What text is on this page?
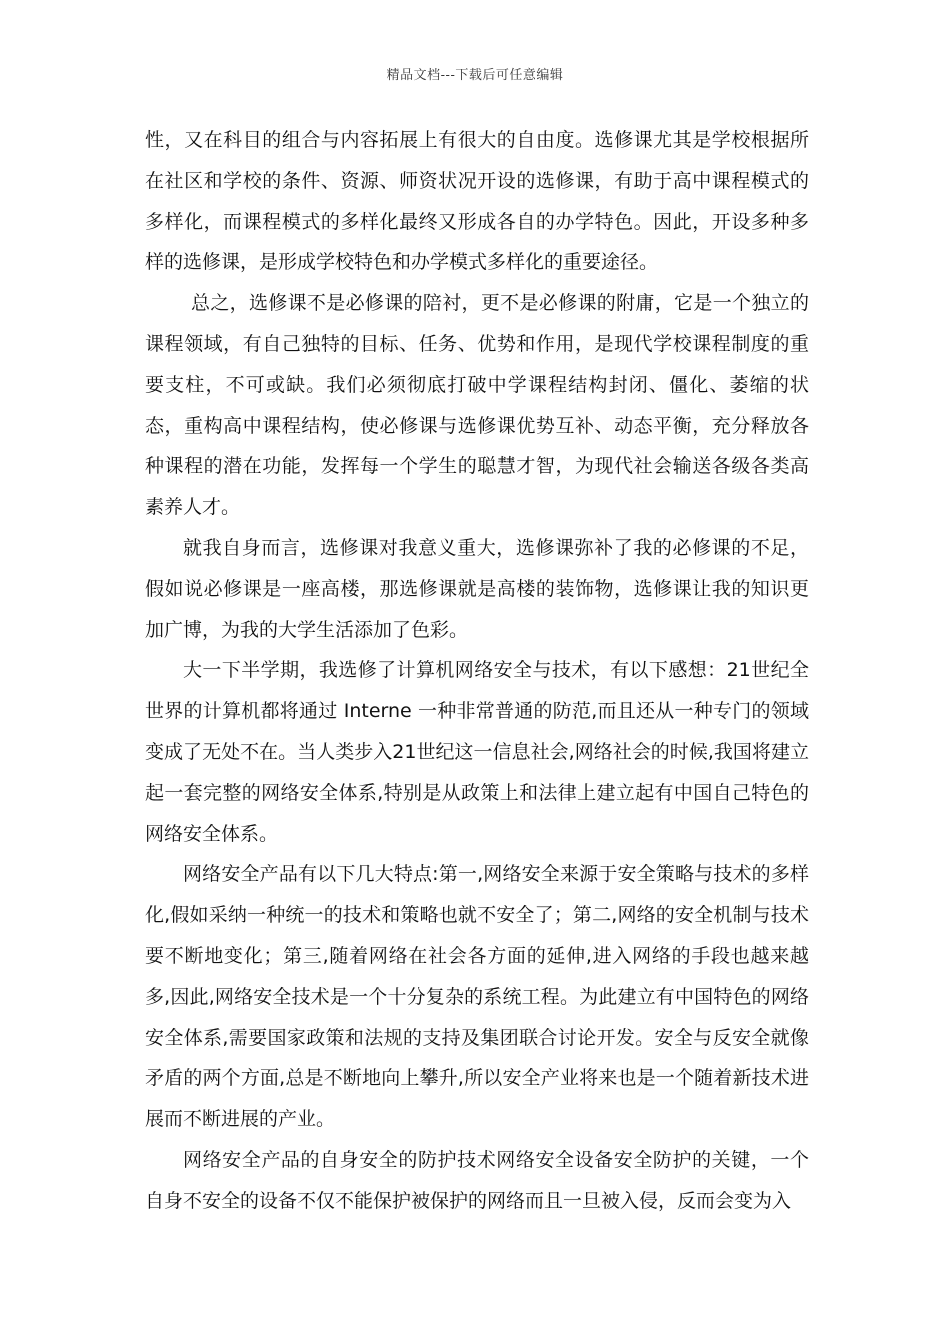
精品文档---下载后可任意编辑

性，又在科目的组合与内容拓展上有很大的自由度。选修课尤其是学校根据所在社区和学校的条件、资源、师资状况开设的选修课，有助于高中课程模式的多样化，而课程模式的多样化最终又形成各自的办学特色。因此，开设多种多样的选修课，是形成学校特色和办学模式多样化的重要途径。

总之，选修课不是必修课的陪衬，更不是必修课的附庸，它是一个独立的课程领域，有自己独特的目标、任务、优势和作用，是现代学校课程制度的重要支柱，不可或缺。我们必须彻底打破中学课程结构封闭、僵化、萎缩的状态，重构高中课程结构，使必修课与选修课优势互补、动态平衡，充分释放各种课程的潜在功能，发挥每一个学生的聪慧才智，为现代社会输送各级各类高素养人才。

就我自身而言，选修课对我意义重大，选修课弥补了我的必修课的不足，假如说必修课是一座高楼，那选修课就是高楼的装饰物，选修课让我的知识更加广博，为我的大学生活添加了色彩。

大一下半学期，我选修了计算机网络安全与技术，有以下感想：21世纪全世界的计算机都将通过 Interne 一种非常普通的防范,而且还从一种专门的领域变成了无处不在。当人类步入21世纪这一信息社会,网络社会的时候,我国将建立起一套完整的网络安全体系,特别是从政策上和法律上建立起有中国自己特色的网络安全体系。

网络安全产品有以下几大特点:第一,网络安全来源于安全策略与技术的多样化,假如采纳一种统一的技术和策略也就不安全了；第二,网络的安全机制与技术要不断地变化；第三,随着网络在社会各方面的延伸,进入网络的手段也越来越多,因此,网络安全技术是一个十分复杂的系统工程。为此建立有中国特色的网络安全体系,需要国家政策和法规的支持及集团联合讨论开发。安全与反安全就像矛盾的两个方面,总是不断地向上攀升,所以安全产业将来也是一个随着新技术进展而不断进展的产业。

网络安全产品的自身安全的防护技术网络安全设备安全防护的关键，一个自身不安全的设备不仅不能保护被保护的网络而且一旦被入侵，反而会变为入
